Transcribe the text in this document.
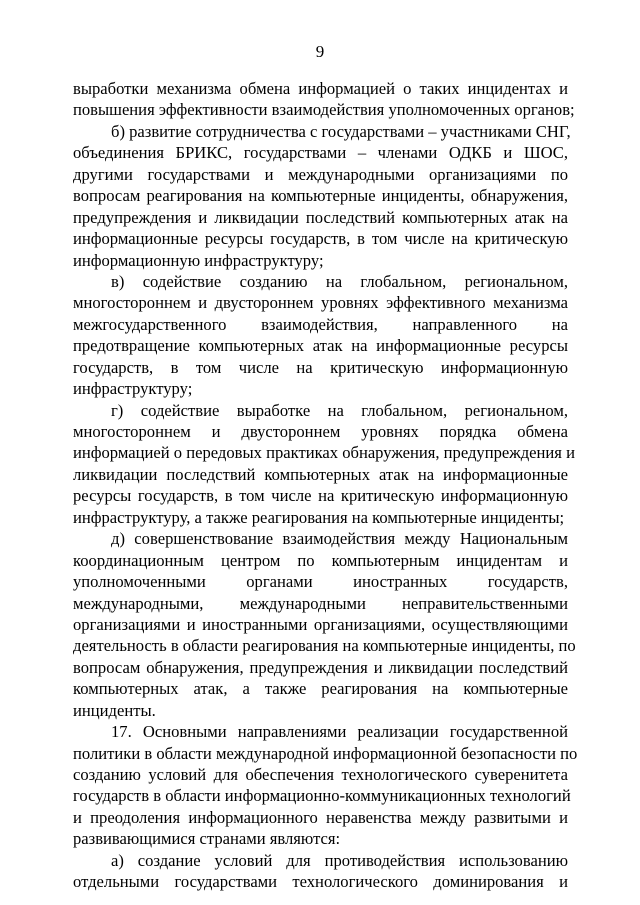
9
выработки механизма обмена информацией о таких инцидентах и
повышения эффективности взаимодействия уполномоченных органов;
б) развитие сотрудничества с государствами – участниками СНГ,
объединения БРИКС, государствами – членами ОДКБ и ШОС,
другими государствами и международными организациями по
вопросам реагирования на компьютерные инциденты, обнаружения,
предупреждения и ликвидации последствий компьютерных атак на
информационные ресурсы государств, в том числе на критическую
информационную инфраструктуру;
в) содействие созданию на глобальном, региональном,
многостороннем и двустороннем уровнях эффективного механизма
межгосударственного взаимодействия, направленного на
предотвращение компьютерных атак на информационные ресурсы
государств, в том числе на критическую информационную
инфраструктуру;
г) содействие выработке на глобальном, региональном,
многостороннем и двустороннем уровнях порядка обмена
информацией о передовых практиках обнаружения, предупреждения и
ликвидации последствий компьютерных атак на информационные
ресурсы государств, в том числе на критическую информационную
инфраструктуру, а также реагирования на компьютерные инциденты;
д) совершенствование взаимодействия между Национальным
координационным центром по компьютерным инцидентам и
уполномоченными органами иностранных государств,
международными, международными неправительственными
организациями и иностранными организациями, осуществляющими
деятельность в области реагирования на компьютерные инциденты, по
вопросам обнаружения, предупреждения и ликвидации последствий
компьютерных атак, а также реагирования на компьютерные
инциденты.
17. Основными направлениями реализации государственной
политики в области международной информационной безопасности по
созданию условий для обеспечения технологического суверенитета
государств в области информационно-коммуникационных технологий
и преодоления информационного неравенства между развитыми и
развивающимися странами являются:
а) создание условий для противодействия использованию
отдельными государствами технологического доминирования и
